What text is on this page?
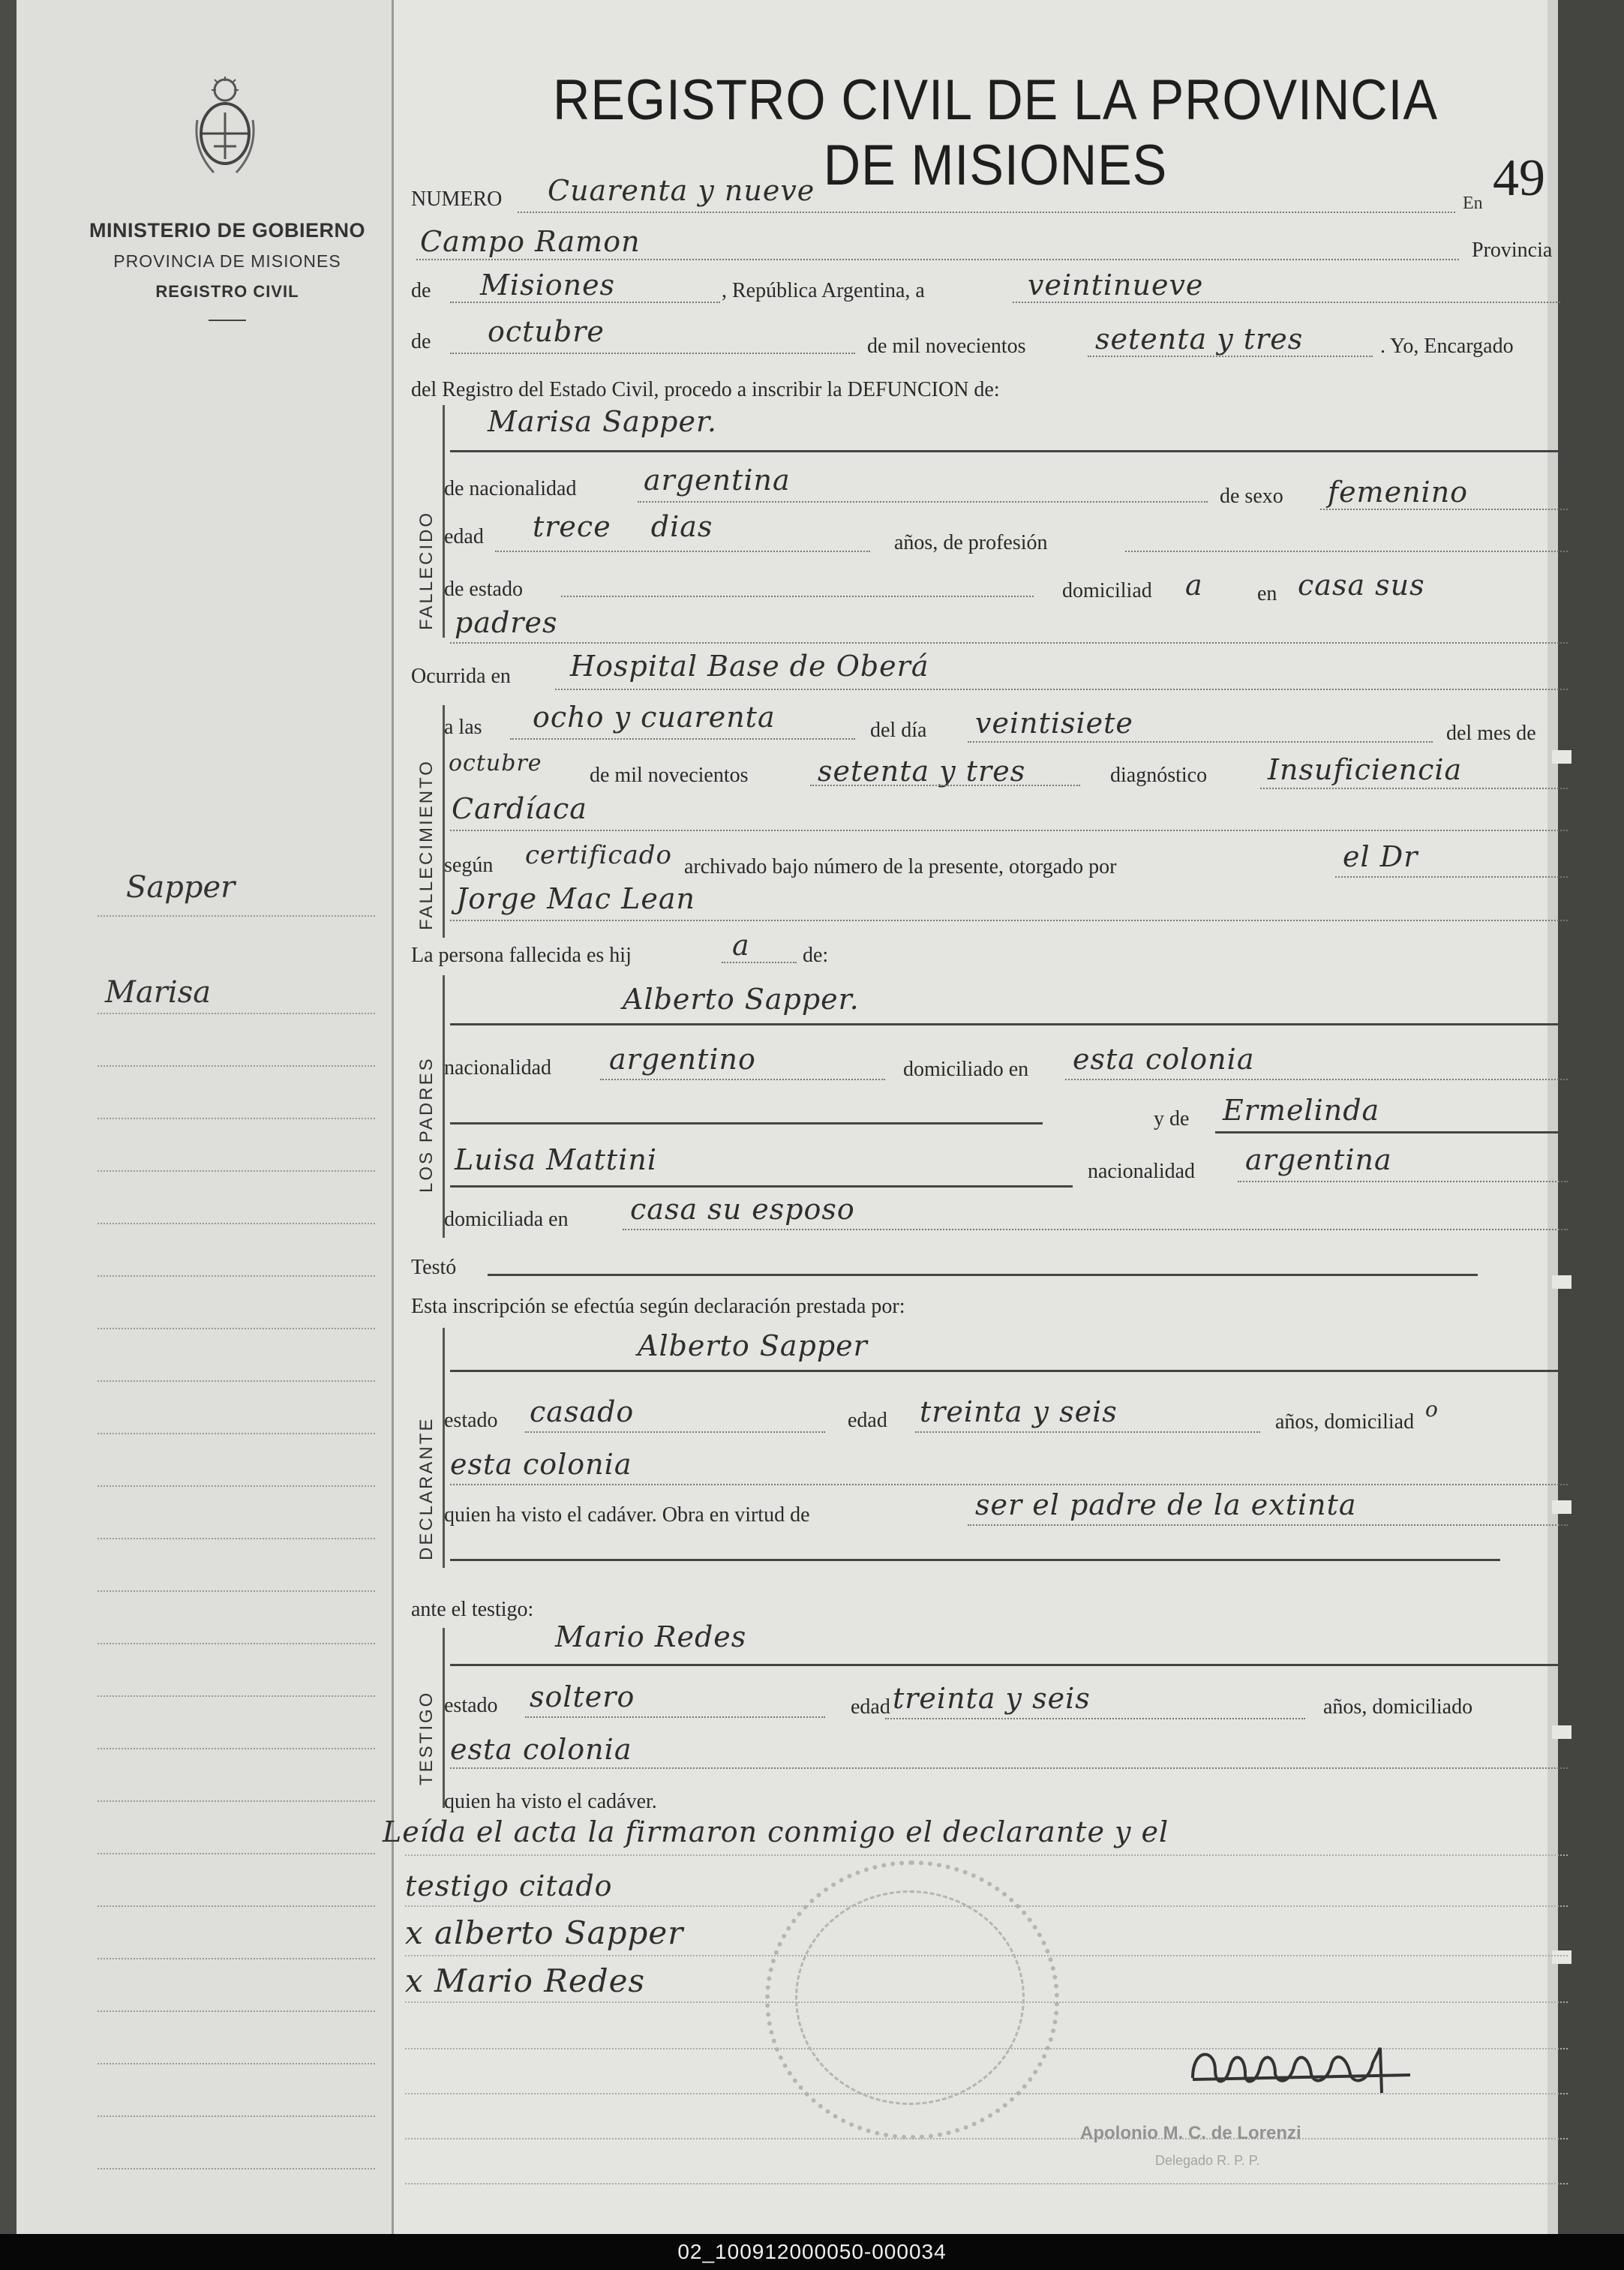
MINISTERIO DE GOBIERNO
PROVINCIA DE MISIONES
REGISTRO CIVIL
Sapper
Marisa
REGISTRO CIVIL DE LA PROVINCIA DE MISIONES
En 49
NUMERO Cuarenta y nueve
Campo Ramon	Provincia
de Misiones	, República Argentina, a	veintinueve
de octubre	de mil novecientos setenta y tres	. Yo, Encargado
del Registro del Estado Civil, procedo a inscribir la DEFUNCION de:
FALLECIDO
Marisa Sapper.
de nacionalidad argentina	de sexo femenino
edad trece dias	años, de profesión
de estado	domiciliad a	en casa sus
padres
Ocurrida en Hospital Base de Oberá
FALLECIMIENTO
a las ocho y cuarenta	del día veintisiete	del mes de
octubre de mil novecientos setenta y tres	diagnóstico Insuficiencia
Cardíaca
según certificado archivado bajo número de la presente, otorgado por	el Dr
Jorge Mac Lean
La persona fallecida es hij	a	de:
LOS PADRES
Alberto Sapper.
nacionalidad argentino	domiciliado en esta colonia
y de Ermelinda
Luisa Mattini	nacionalidad argentina
domiciliada en casa su esposo
Testó
Esta inscripción se efectúa según declaración prestada por:
DECLARANTE
Alberto Sapper
estado casado	edad treinta y seis	años, domiciliad
o
esta colonia
quien ha visto el cadáver. Obra en virtud de	ser el padre de la extinta
ante el testigo:
TESTIGO
Mario Redes
estado soltero	edad treinta y seis	años, domiciliado
esta colonia
quien ha visto el cadáver.
Leída el acta la firmaron conmigo el declarante y el
testigo citado
x alberto Sapper
x Mario Redes
Apolonio M. C. de Lorenzi
Delegado R. P. P.
02_100912000050-000034
